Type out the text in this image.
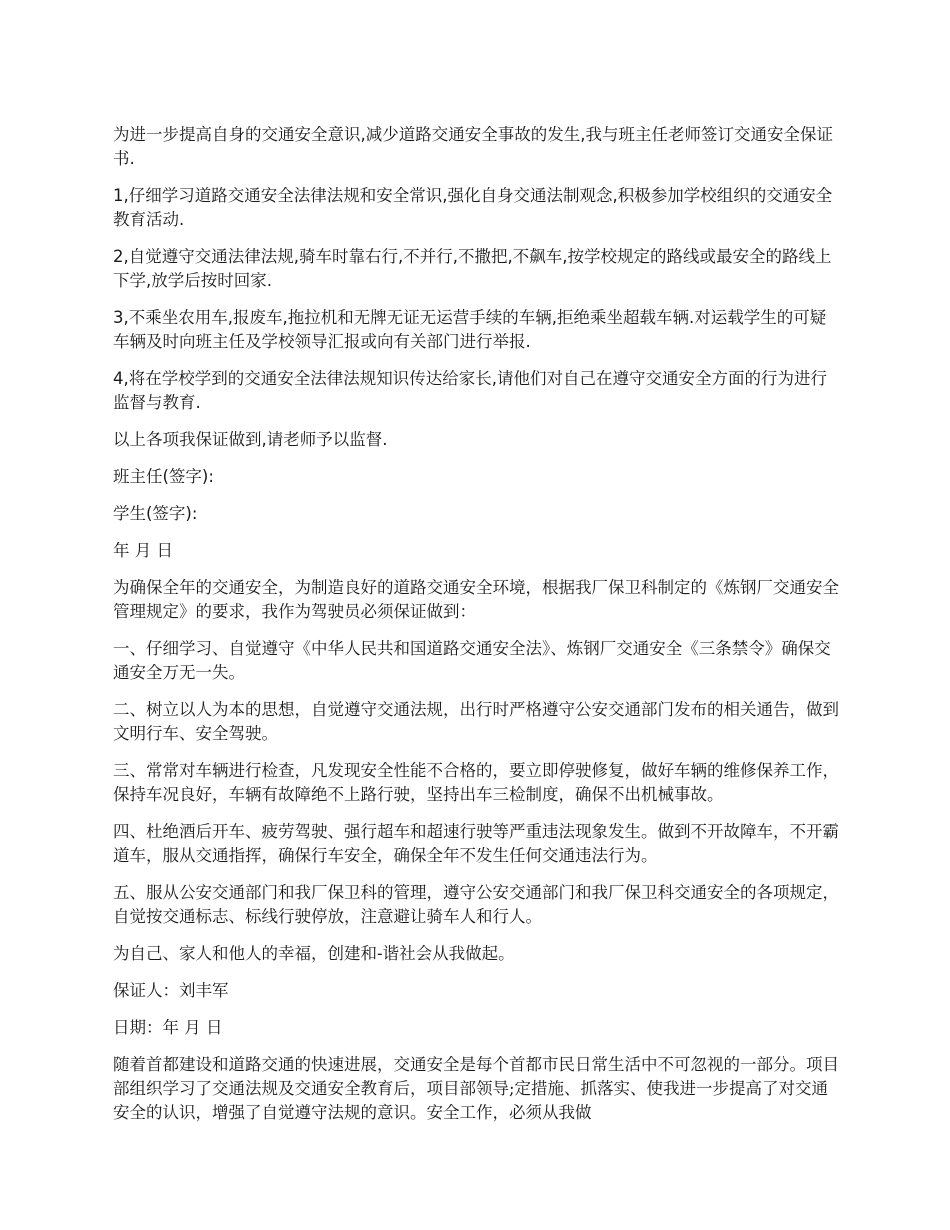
为进一步提高自身的交通安全意识,减少道路交通安全事故的发生,我与班主任老师签订交通安全保证书.

1,仔细学习道路交通安全法律法规和安全常识,强化自身交通法制观念,积极参加学校组织的交通安全教育活动.

2,自觉遵守交通法律法规,骑车时靠右行,不并行,不撒把,不飙车,按学校规定的路线或最安全的路线上下学,放学后按时回家.

3,不乘坐农用车,报废车,拖拉机和无牌无证无运营手续的车辆,拒绝乘坐超载车辆.对运载学生的可疑车辆及时向班主任及学校领导汇报或向有关部门进行举报.

4,将在学校学到的交通安全法律法规知识传达给家长,请他们对自己在遵守交通安全方面的行为进行监督与教育.

以上各项我保证做到,请老师予以监督.

班主任(签字):

学生(签字):

年 月 日

为确保全年的交通安全，为制造良好的道路交通安全环境，根据我厂保卫科制定的《炼钢厂交通安全管理规定》的要求，我作为驾驶员必须保证做到：

一、仔细学习、自觉遵守《中华人民共和国道路交通安全法》、炼钢厂交通安全《三条禁令》确保交通安全万无一失。

二、树立以人为本的思想，自觉遵守交通法规，出行时严格遵守公安交通部门发布的相关通告，做到文明行车、安全驾驶。

三、常常对车辆进行检查，凡发现安全性能不合格的，要立即停驶修复，做好车辆的维修保养工作，保持车况良好，车辆有故障绝不上路行驶，坚持出车三检制度，确保不出机械事故。

四、杜绝酒后开车、疲劳驾驶、强行超车和超速行驶等严重违法现象发生。做到不开故障车，不开霸道车，服从交通指挥，确保行车安全，确保全年不发生任何交通违法行为。

五、服从公安交通部门和我厂保卫科的管理，遵守公安交通部门和我厂保卫科交通安全的各项规定，自觉按交通标志、标线行驶停放，注意避让骑车人和行人。

为自己、家人和他人的幸福，创建和-谐社会从我做起。

保证人：刘丰军

日期：年 月 日

随着首都建设和道路交通的快速进展，交通安全是每个首都市民日常生活中不可忽视的一部分。项目部组织学习了交通法规及交通安全教育后，项目部领导;定措施、抓落实、使我进一步提高了对交通安全的认识，增强了自觉遵守法规的意识。安全工作，必须从我做
